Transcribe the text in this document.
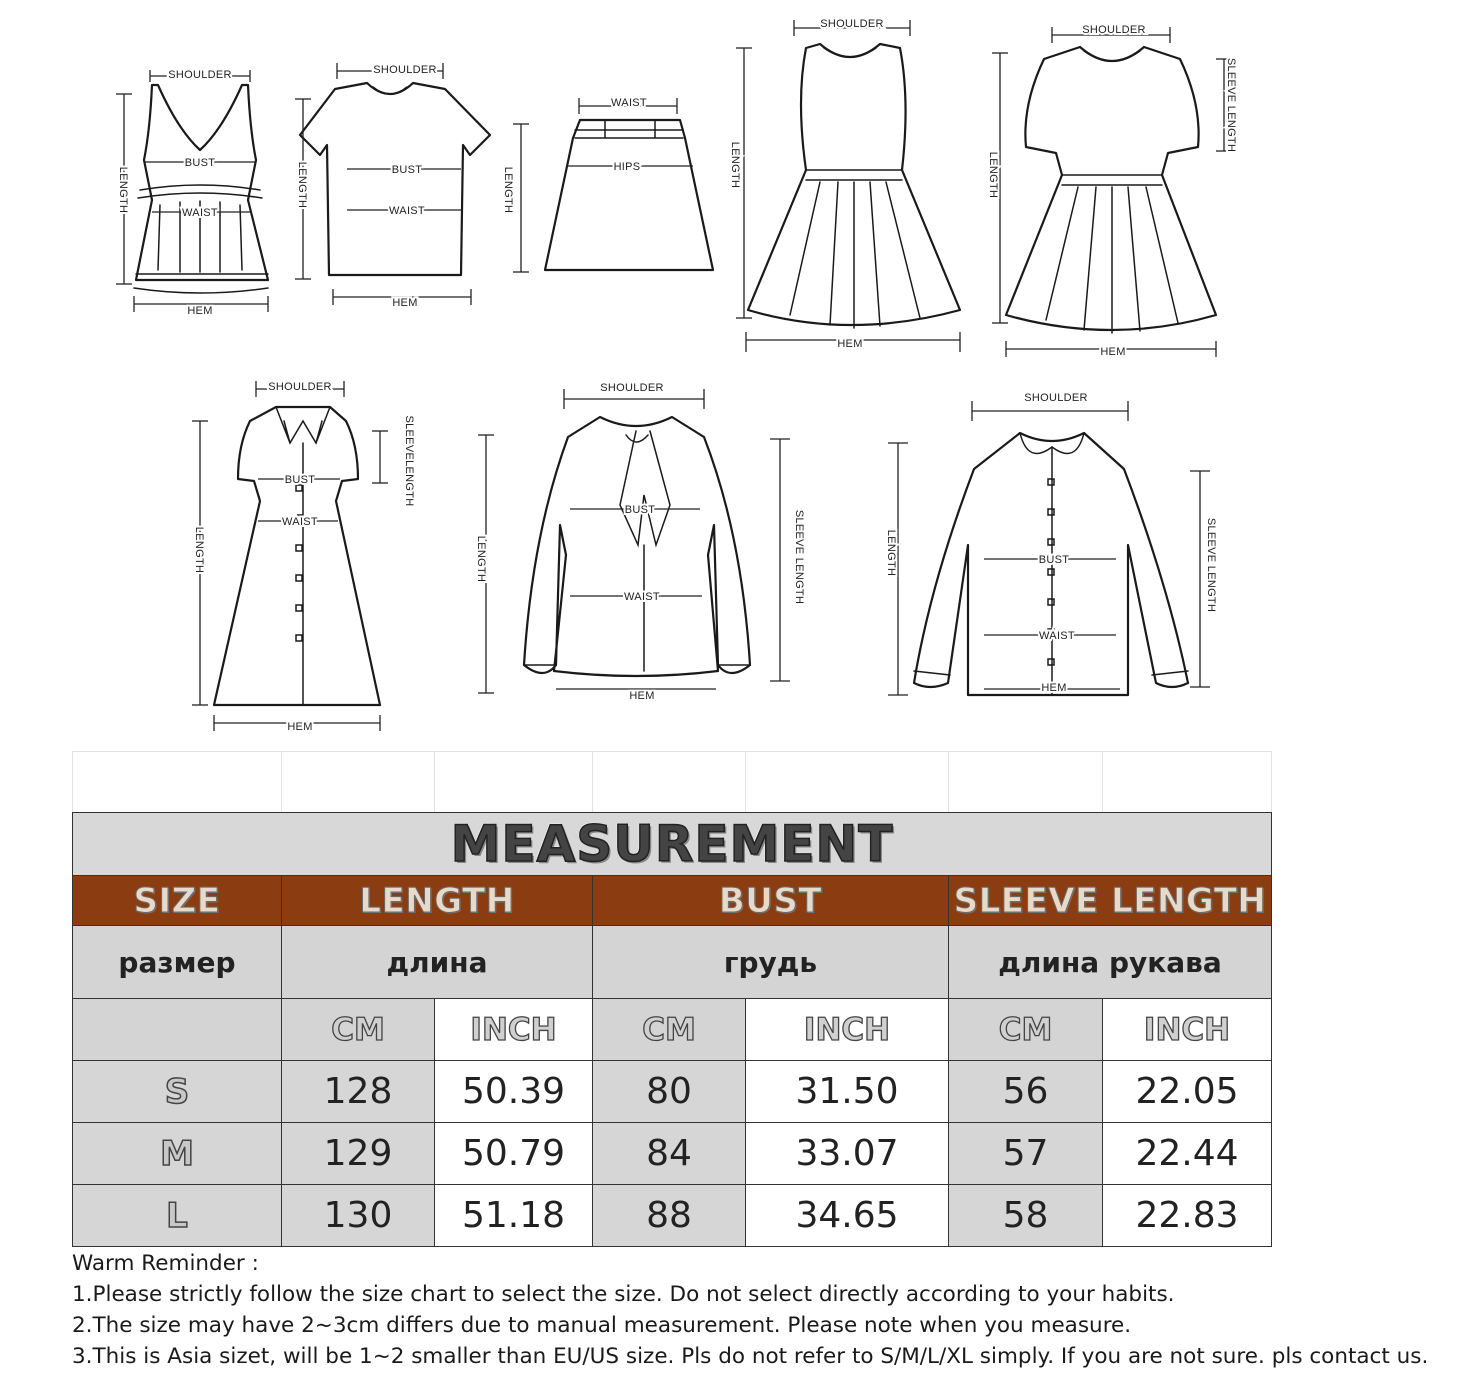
SHOULDER
BUST
WAIST
HEM
LENGTH
SHOULDER
BUST
WAIST
HEM
LENGTH
WAIST
HIPS
LENGTH
SHOULDER
HEM
LENGTH
SHOULDER
HEM
LENGTH
SLEEVE LENGTH
SHOULDER
BUST
WAIST
HEM
LENGTH
SLEEVELENGTH
SHOULDER
BUST
WAIST
HEM
LENGTH	SLEEVE LENGTH
SHOULDER
BUST
WAIST
HEM
LENGTH	SLEEVE LENGTH

MEASUREMENT						
SIZE	LENGTH		BUST		SLEEVE LENGTH	
размер	длина		грудь		длина рукава	
	CM	INCH	CM	INCH	CM	INCH
S	128	50.39	80	31.50	56	22.05
M	129	50.79	84	33.07	57	22.44
L	130	51.18	88	34.65	58	22.83
Warm Reminder :
1.Please strictly follow the size chart to select the size. Do not select directly according to your habits.
2.The size may have 2~3cm differs due to manual measurement. Please note when you measure.
3.This is Asia sizet, will be 1~2 smaller than EU/US size. Pls do not refer to S/M/L/XL simply. If you are not sure. pls contact us.
